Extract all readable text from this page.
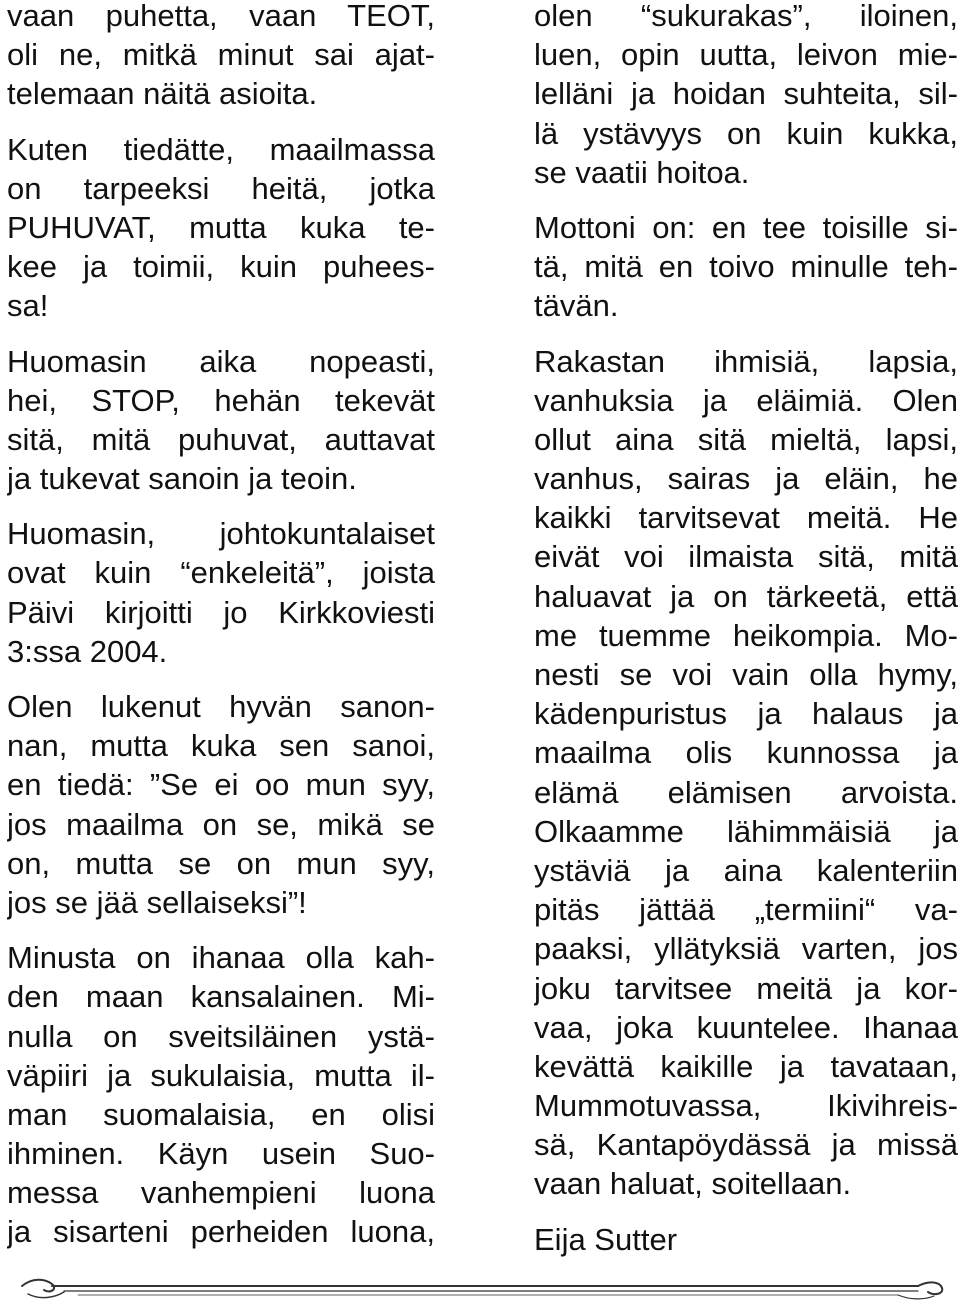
vaan puhetta, vaan TEOT,
oli ne, mitkä minut sai ajat-
telemaan näitä asioita.
Kuten tiedätte, maailmassa
on tarpeeksi heitä, jotka
PUHUVAT, mutta kuka te-
kee ja toimii, kuin puhees-
sa!
Huomasin aika nopeasti,
hei, STOP, hehän tekevät
sitä, mitä puhuvat, auttavat
ja tukevat sanoin ja teoin.
Huomasin, johtokuntalaiset
ovat kuin “enkeleitä”, joista
Päivi kirjoitti jo Kirkkoviesti
3:ssa 2004.
Olen lukenut hyvän sanon-
nan, mutta kuka sen sanoi,
en tiedä: ”Se ei oo mun syy,
jos maailma on se, mikä se
on, mutta se on mun syy,
jos se jää sellaiseksi”!
Minusta on ihanaa olla kah-
den maan kansalainen. Mi-
nulla on sveitsiläinen ystä-
väpiiri ja sukulaisia, mutta il-
man suomalaisia, en olisi
ihminen. Käyn usein Suo-
messa vanhempieni luona
ja sisarteni perheiden luona,
olen “sukurakas”, iloinen,
luen, opin uutta, leivon mie-
lelläni ja hoidan suhteita, sil-
lä ystävyys on kuin kukka,
se vaatii hoitoa.
Mottoni on: en tee toisille si-
tä, mitä en toivo minulle teh-
tävän.
Rakastan ihmisiä, lapsia,
vanhuksia ja eläimiä. Olen
ollut aina sitä mieltä, lapsi,
vanhus, sairas ja eläin, he
kaikki tarvitsevat meitä. He
eivät voi ilmaista sitä, mitä
haluavat ja on tärkeetä, että
me tuemme heikompia. Mo-
nesti se voi vain olla hymy,
kädenpuristus ja halaus ja
maailma olis kunnossa ja
elämä elämisen arvoista.
Olkaamme lähimmäisiä ja
ystäviä ja aina kalenteriin
pitäs jättää „termiini“ va-
paaksi, yllätyksiä varten, jos
joku tarvitsee meitä ja kor-
vaa, joka kuuntelee. Ihanaa
kevättä kaikille ja tavataan,
Mummotuvassa, Ikivihreis-
sä, Kantapöydässä ja missä
vaan haluat, soitellaan.
Eija Sutter
